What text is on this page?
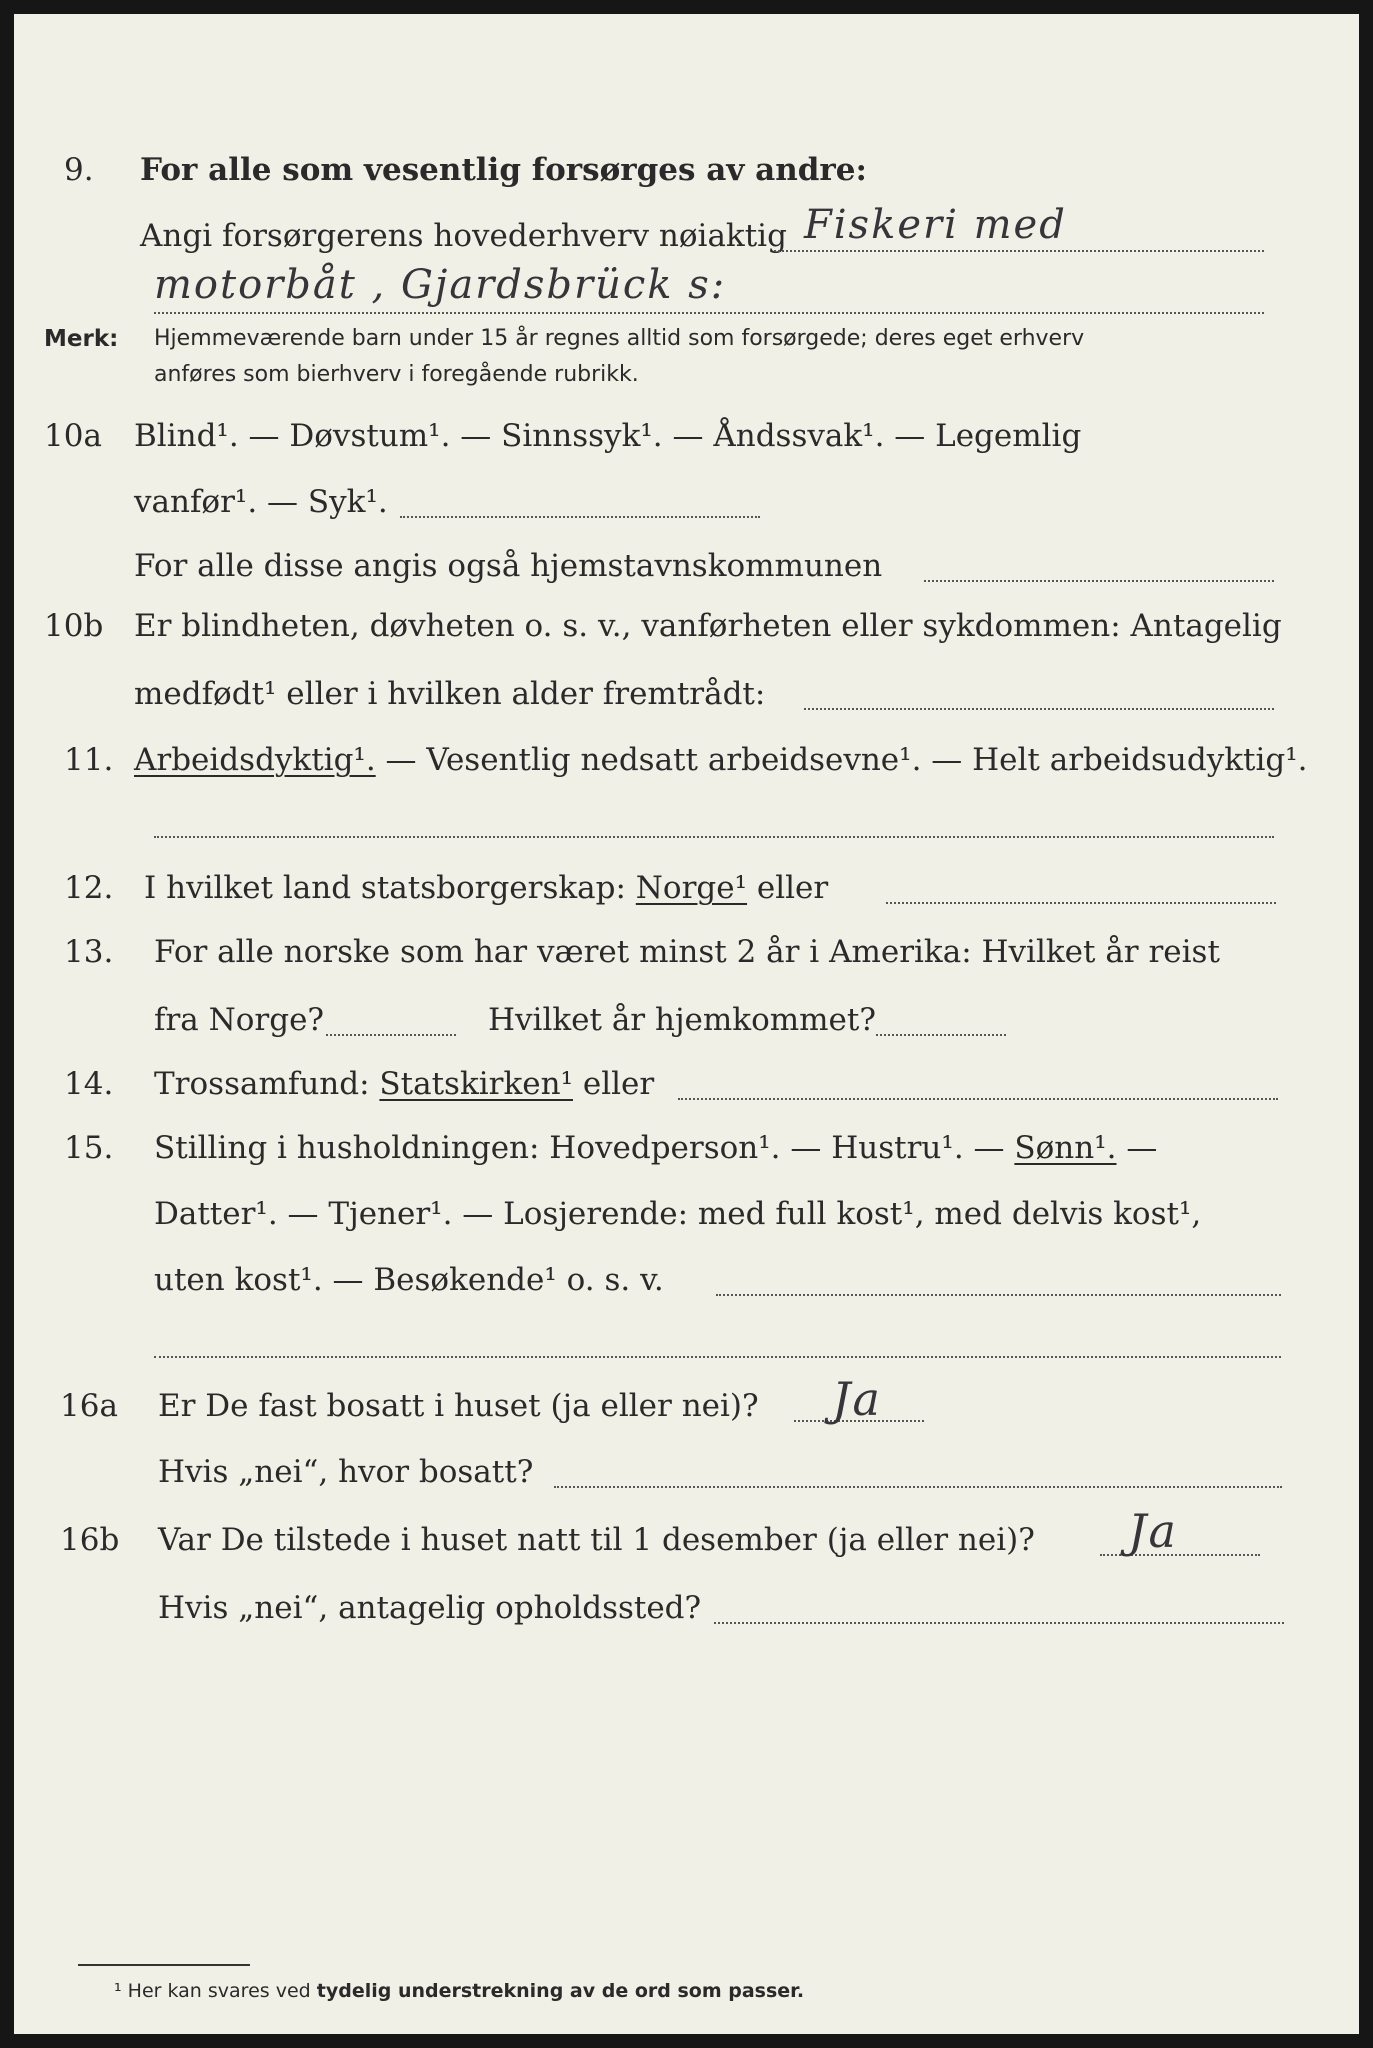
9. For alle som vesentlig forsørges av andre:
Angi forsørgerens hovederhverv nøiaktig Fiskeri med
motorbåt , Gjardsbrück s:
Merk: Hjemmeværende barn under 15 år regnes alltid som forsørgede; deres eget erhverv
anføres som bierhverv i foregående rubrikk.
10a Blind¹. — Døvstum¹. — Sinnssyk¹. — Åndssvak¹. — Legemlig
vanfør¹. — Syk¹.
For alle disse angis også hjemstavnskommunen
10b Er blindheten, døvheten o. s. v., vanførheten eller sykdommen: Antagelig
medfødt¹ eller i hvilken alder fremtrådt:
11. Arbeidsdyktig¹. — Vesentlig nedsatt arbeidsevne¹. — Helt arbeidsudyktig¹.
12. I hvilket land statsborgerskap: Norge¹ eller
13. For alle norske som har været minst 2 år i Amerika: Hvilket år reist
fra Norge?	Hvilket år hjemkommet?
14. Trossamfund: Statskirken¹ eller
15. Stilling i husholdningen: Hovedperson¹. — Hustru¹. — Sønn¹. —
Datter¹. — Tjener¹. — Losjerende: med full kost¹, med delvis kost¹,
uten kost¹. — Besøkende¹ o. s. v.
16a Er De fast bosatt i huset (ja eller nei)? Ja
Hvis „nei“, hvor bosatt?
16b Var De tilstede i huset natt til 1 desember (ja eller nei)? Ja
Hvis „nei“, antagelig opholdssted?
¹ Her kan svares ved tydelig understrekning av de ord som passer.
